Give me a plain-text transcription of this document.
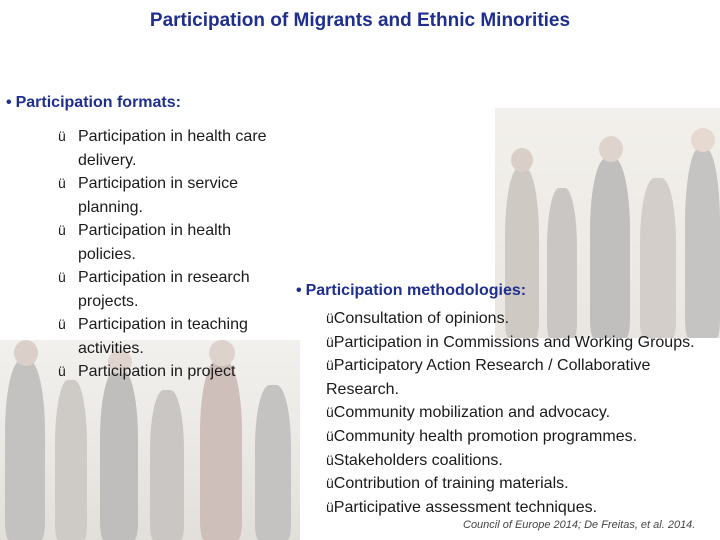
Participation of Migrants and Ethnic Minorities
• Participation formats:
ü Participation in health care delivery.
ü Participation in service planning.
ü Participation in health policies.
ü Participation in research projects.
ü Participation in teaching activities.
ü Participation in project
• Participation methodologies:
üConsultation of opinions.
üParticipation in Commissions and Working Groups.
üParticipatory Action Research / Collaborative Research.
üCommunity mobilization and advocacy.
üCommunity health promotion programmes.
üStakeholders coalitions.
üContribution of training materials.
üParticipative assessment techniques.
Council of Europe 2014; De Freitas, et al. 2014.
